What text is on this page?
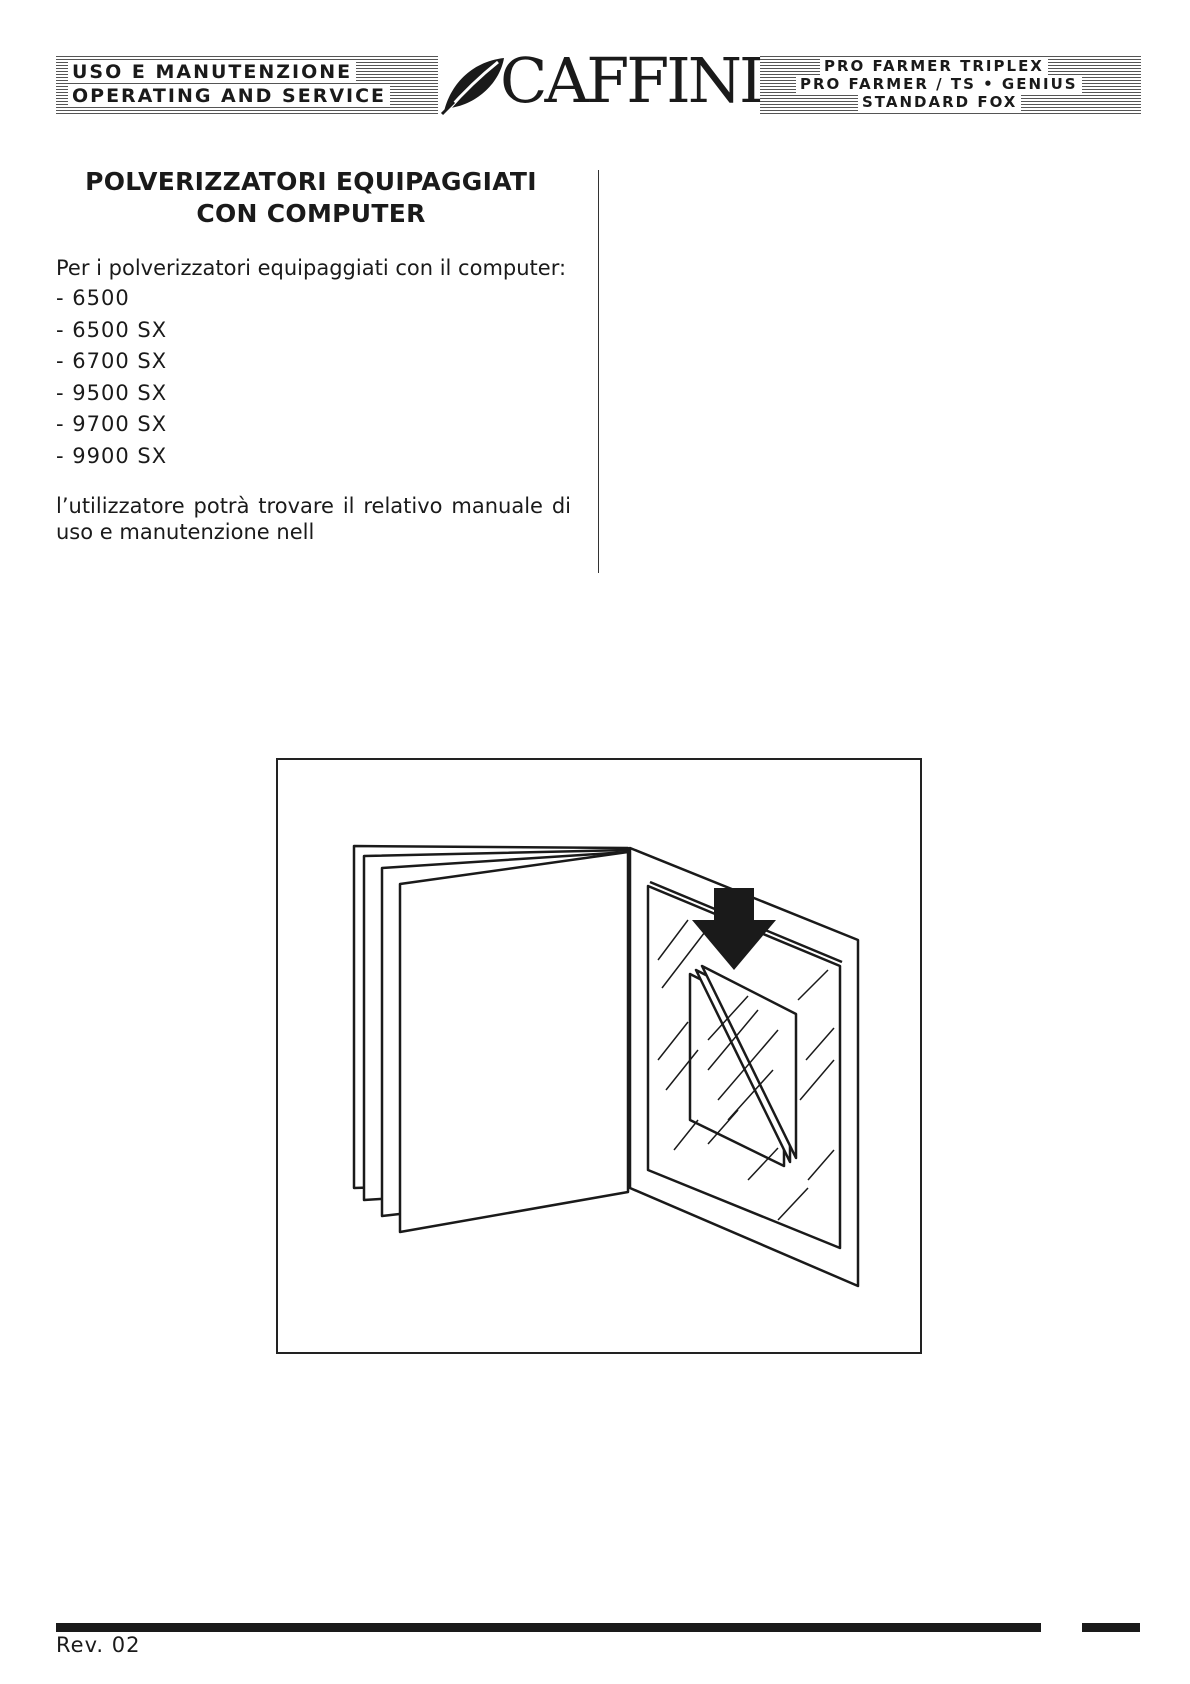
USO E MANUTENZIONE
OPERATING AND SERVICE CAFFINI	PRO FARMER TRIPLEX
PRO FARMER / TS • GENIUS
STANDARD FOX
POLVERIZZATORI EQUIPAGGIATI
CON COMPUTER
Per i polverizzatori equipaggiati con il computer:
- 6500
- 6500 SX
- 6700 SX
- 9500 SX
- 9700 SX
- 9900 SX
l’utilizzatore potrà trovare il relativo manuale di uso e manutenzione nell
Rev. 02
